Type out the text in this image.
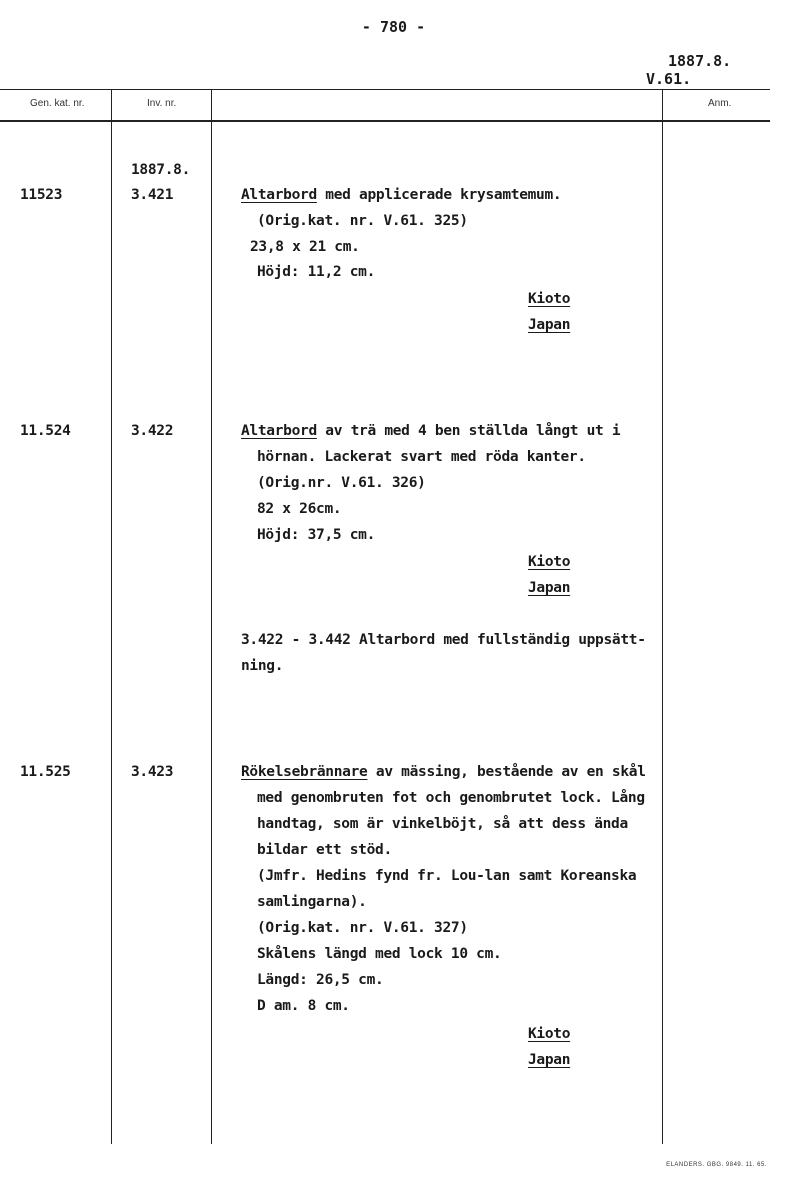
- 780 -
1887.8.
V.61.
Gen. kat. nr.	Inv. nr.	Anm.
1887.8.
11523	3.421	Altarbord med applicerade krysamtemum.
(Orig.kat. nr. V.61. 325)
23,8 x 21 cm.
Höjd: 11,2 cm.
Kioto
Japan
11.524	3.422	Altarbord av trä med 4 ben ställda långt ut i
hörnan. Lackerat svart med röda kanter.
(Orig.nr. V.61. 326)
82 x 26cm.
Höjd: 37,5 cm.
Kioto
Japan
3.422 - 3.442 Altarbord med fullständig uppsätt-
ning.
11.525	3.423	Rökelsebrännare av mässing, bestående av en skål
med genombruten fot och genombrutet lock. Lång
handtag, som är vinkelböjt, så att dess ända
bildar ett stöd.
(Jmfr. Hedins fynd fr. Lou-lan samt Koreanska
samlingarna).
(Orig.kat. nr. V.61. 327)
Skålens längd med lock 10 cm.
Längd: 26,5 cm.
D am. 8 cm.
Kioto
Japan
ELANDERS. GBG. 9849. 11. 65.
